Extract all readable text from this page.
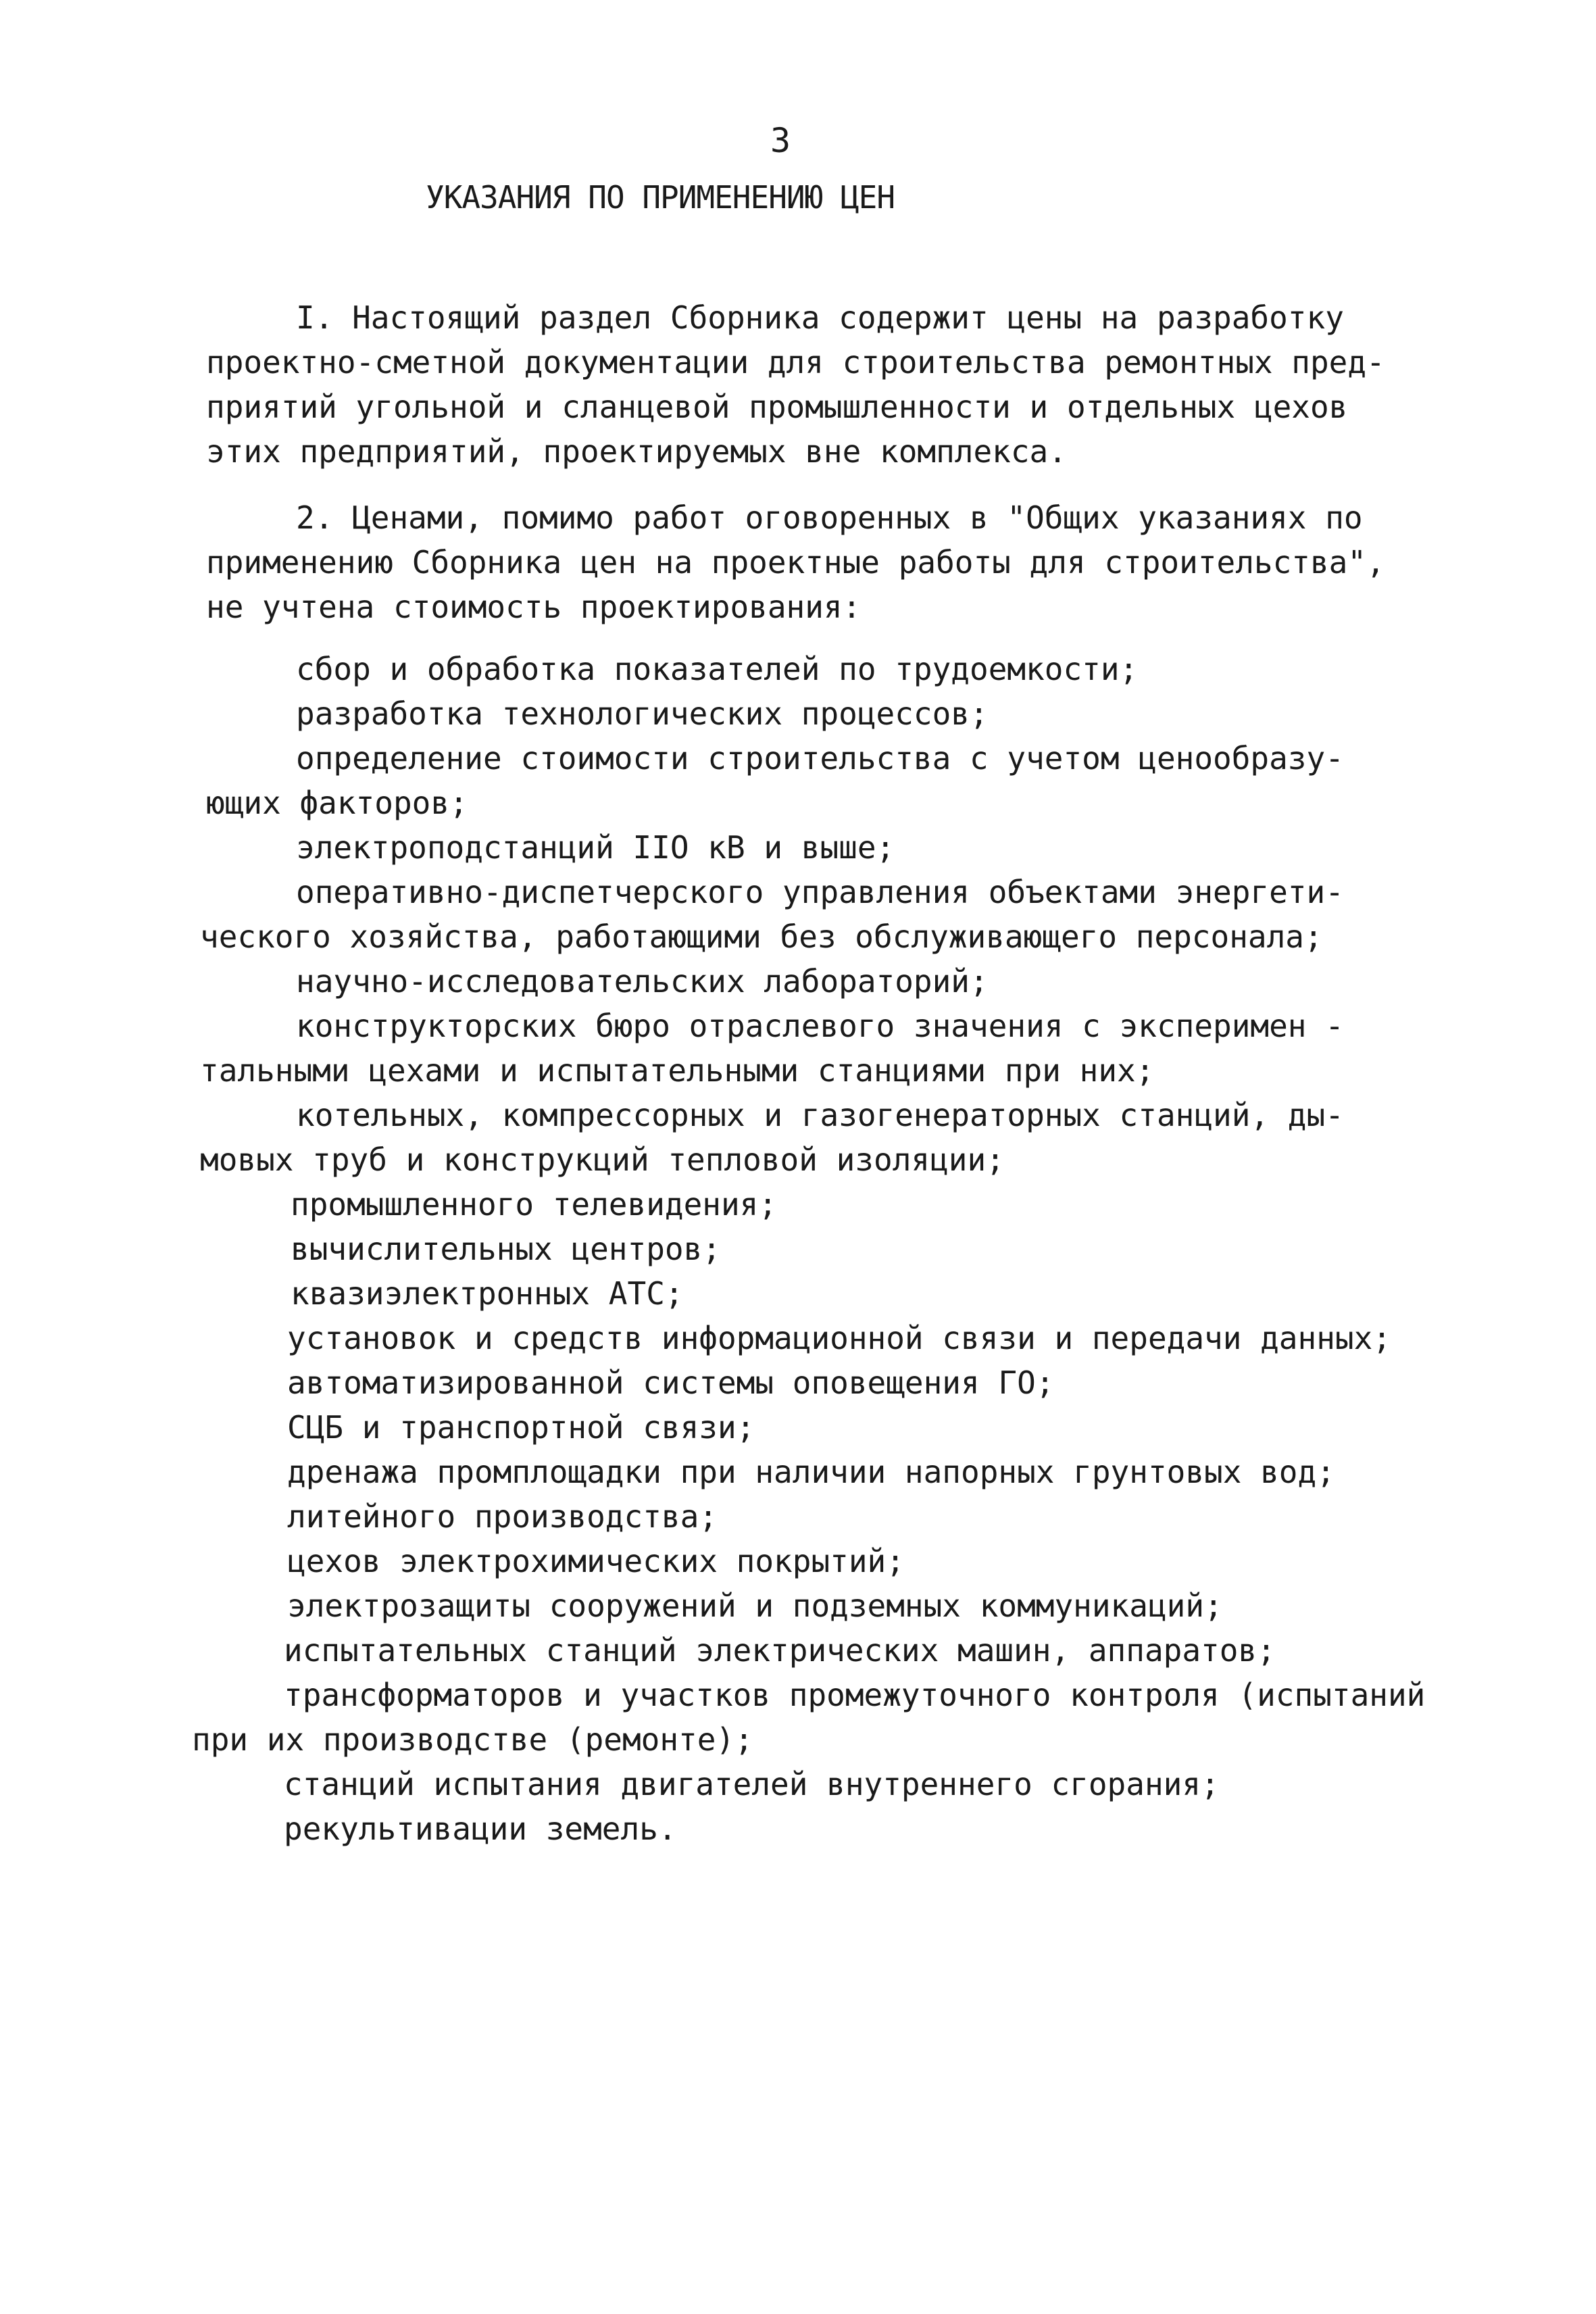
3
УКАЗАНИЯ ПО ПРИМЕНЕНИЮ ЦЕН
I. Настоящий раздел Сборника содержит цены на разработку
проектно-сметной документации для строительства ремонтных пред-
приятий угольной и сланцевой промышленности и отдельных цехов
этих предприятий, проектируемых вне комплекса.
2. Ценами, помимо работ оговоренных в "Общих указаниях по
применению Сборника цен на проектные работы для строительства",
не учтена стоимость проектирования:
сбор и обработка показателей по трудоемкости;
разработка технологических процессов;
определение стоимости строительства с учетом ценообразу-
ющих факторов;
электроподстанций IIO кВ и выше;
оперативно-диспетчерского управления объектами энергети-
ческого хозяйства, работающими без обслуживающего персонала;
научно-исследовательских лабораторий;
конструкторских бюро отраслевого значения с эксперимен -
тальными цехами и испытательными станциями при них;
котельных, компрессорных и газогенераторных станций, ды-
мовых труб и конструкций тепловой изоляции;
промышленного телевидения;
вычислительных центров;
квазиэлектронных АТС;
установок и средств информационной связи и передачи данных;
автоматизированной системы оповещения ГО;
СЦБ и транспортной связи;
дренажа промплощадки при наличии напорных грунтовых вод;
литейного производства;
цехов электрохимических покрытий;
электрозащиты сооружений и подземных коммуникаций;
испытательных станций электрических машин, аппаратов;
трансформаторов и участков промежуточного контроля (испытаний
при их производстве (ремонте);
станций испытания двигателей внутреннего сгорания;
рекультивации земель.
